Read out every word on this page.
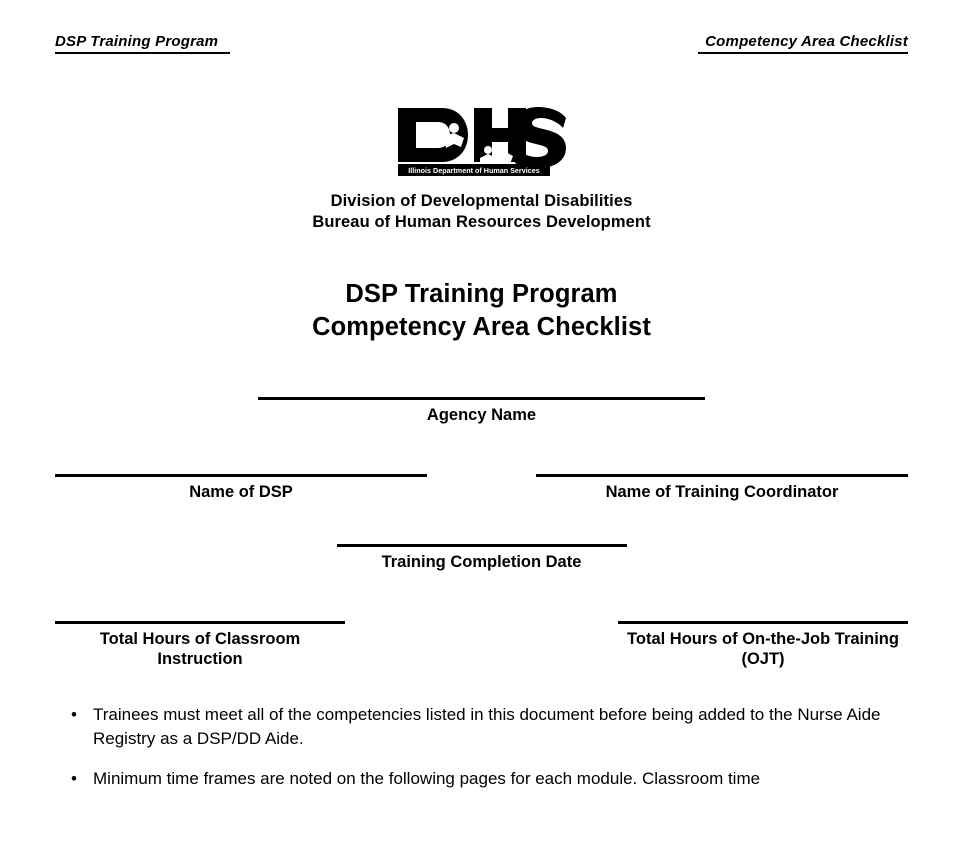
DSP Training Program	Competency Area Checklist
Illinois Department of Human Services
Division of Developmental Disabilities
Bureau of Human Resources Development
DSP Training Program
Competency Area Checklist
Agency Name
Name of DSP	Name of Training Coordinator
Training Completion Date
Total Hours of Classroom Instruction
Total Hours of On-the-Job Training (OJT)
• Trainees must meet all of the competencies listed in this document before being added to the Nurse Aide Registry as a DSP/DD Aide.
• Minimum time frames are noted on the following pages for each module. Classroom time
